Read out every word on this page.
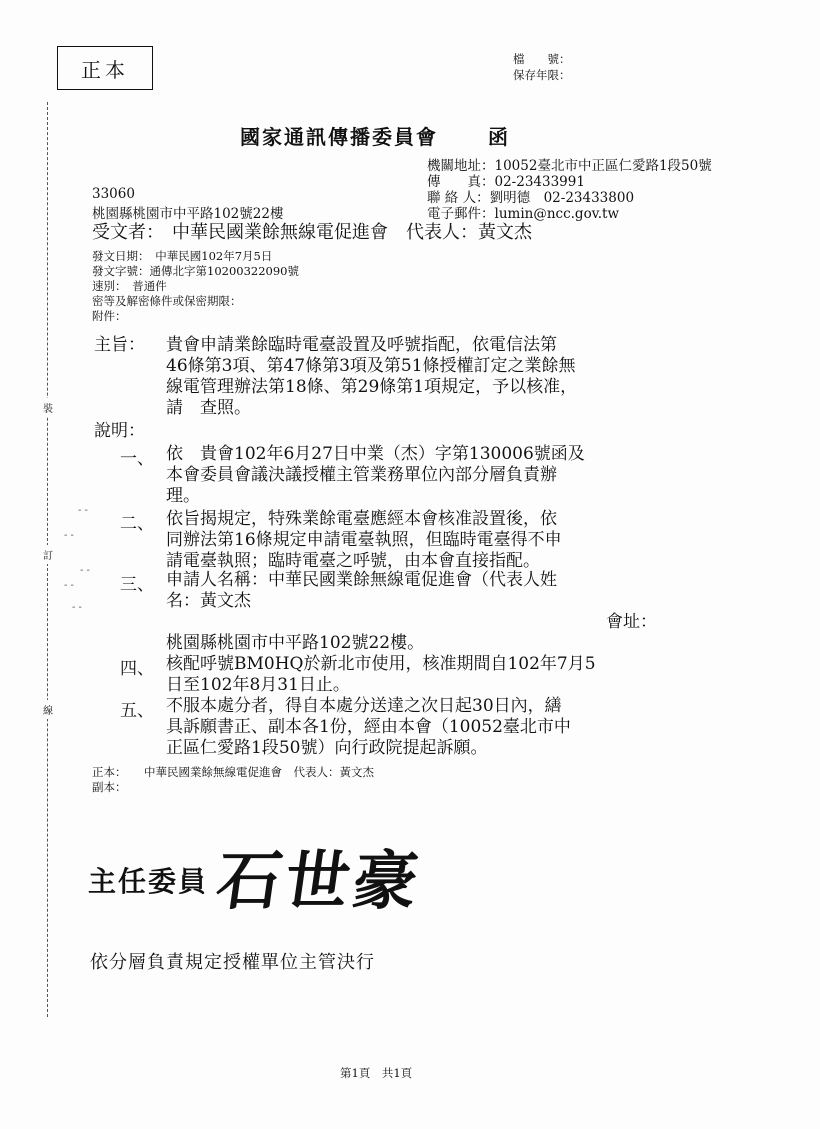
裝
訂
線
- -
- -
- -
- -
- -
正本	檔　　號：
保存年限：
國家通訊傳播委員會	函
機關地址：10052臺北市中正區仁愛路1段50號
傳　　真：02-23433991
聯 絡 人：劉明德　02-23433800
電子郵件：lumin@ncc.gov.tw
33060
桃園縣桃園市中平路102號22樓
受文者： 中華民國業餘無線電促進會　代表人：黃文杰
發文日期：　中華民國102年7月5日
發文字號：通傳北字第10200322090號
速別：　普通件
密等及解密條件或保密期限：
附件：
主旨： 貴會申請業餘臨時電臺設置及呼號指配，依電信法第
46條第3項、第47條第3項及第51條授權訂定之業餘無
線電管理辦法第18條、第29條第1項規定，予以核准，
請　查照。
說明：
一、 依　貴會102年6月27日中業（杰）字第130006號函及
本會委員會議決議授權主管業務單位內部分層負責辦
理。
二、 依旨揭規定，特殊業餘電臺應經本會核准設置後，依
同辦法第16條規定申請電臺執照，但臨時電臺得不申
請電臺執照；臨時電臺之呼號，由本會直接指配。
三、 申請人名稱：中華民國業餘無線電促進會（代表人姓
名：黃文杰
會址：
桃園縣桃園市中平路102號22樓。
四、 核配呼號BM0HQ於新北市使用，核准期間自102年7月5
日至102年8月31日止。
五、 不服本處分者，得自本處分送達之次日起30日內，繕
具訴願書正、副本各1份，經由本會（10052臺北市中
正區仁愛路1段50號）向行政院提起訴願。
正本： 中華民國業餘無線電促進會　代表人：黃文杰
副本：
主任委員 石世豪
依分層負責規定授權單位主管決行
第1頁　共1頁
